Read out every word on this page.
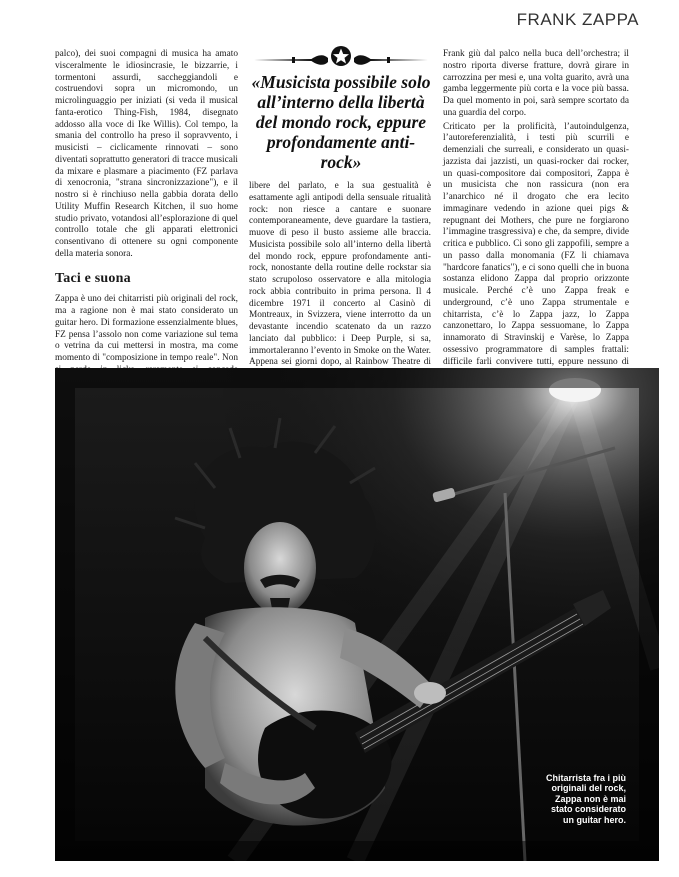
FRANK ZAPPA

palco), dei suoi compagni di musica ha amato visceralmente le idiosincrasie, le bizzarrie, i tormentoni assurdi, saccheggiandoli e costruendovi sopra un micromondo, un microlinguaggio per iniziati (si veda il musical fanta-erotico Thing-Fish, 1984, disegnato addosso alla voce di Ike Willis). Col tempo, la smania del controllo ha preso il sopravvento, i musicisti – ciclicamente rinnovati – sono diventati soprattutto generatori di tracce musicali da mixare e plasmare a piacimento (FZ parlava di xenocronia, "strana sincronizzazione"), e il nostro si è rinchiuso nella gabbia dorata dello Utility Muffin Research Kitchen, il suo home studio privato, votandosi all’esplorazione di quel controllo totale che gli apparati elettronici consentivano di ottenere su ogni componente della materia sonora.

Taci e suona

Zappa è uno dei chitarristi più originali del rock, ma a ragione non è mai stato considerato un guitar hero. Di formazione essenzialmente blues, FZ pensa l’assolo non come variazione sul tema o vetrina da cui mettersi in mostra, ma come momento di "composizione in tempo reale". Non

«Musicista possibile solo all’interno della libertà del mondo rock, eppure profondamente anti-rock»

libere del parlato, e la sua gestualità è esattamente agli antipodi della sensuale ritualità rock: non riesce a cantare e suonare contemporaneamente, deve guardare la tastiera, muove di peso il busto assieme alle braccia. Musicista possibile solo all’interno della libertà del mondo rock, eppure profondamente anti-rock, nonostante della routine delle rockstar sia stato scrupoloso osservatore e alla mitologia rock abbia contribuito in prima persona. Il 4 dicembre 1971 il concerto al Casinò di Montreaux, in Svizzera, viene interrotto da un devastante incendio scatenato da un razzo lanciato dal pubblico: i Deep Purple, si sa, immortaleranno l’evento in Smoke on the Water. Appena sei giorni dopo, al Rainbow Theatre di

Frank giù dal palco nella buca dell’orchestra; il nostro riporta diverse fratture, dovrà girare in carrozzina per mesi e, una volta guarito, avrà una gamba leggermente più corta e la voce più bassa. Da quel momento in poi, sarà sempre scortato da una guardia del corpo.

Criticato per la prolificità, l’autoindulgenza, l’autoreferenzialità, i testi più scurrili e demenziali che surreali, e considerato un quasi-jazzista dai jazzisti, un quasi-rocker dai rocker, un quasi-compositore dai compositori, Zappa è un musicista che non rassicura (non era l’anarchico né il drogato che era lecito immaginare vedendo in azione quei pigs & repugnant dei Mothers, che pure ne forgiarono l’immagine trasgressiva) e che, da sempre, divide critica e pubblico. Ci sono gli zappofili, sempre a un passo dalla monomania (FZ li chiamava "hardcore fanatics"), e ci sono quelli che in buona sostanza elidono Zappa dal proprio orizzonte musicale. Perché c’è uno Zappa freak e underground, c’è uno Zappa strumentale e chitarrista, c’è lo Zappa jazz, lo Zappa canzonettaro, lo Zappa sessuomane, lo Zappa innamorato di Stravinskij e Varèse, lo Zappa ossessivo programmatore di samples frattali: difficile farli convivere tutti, eppure nessuno di

Chitarrista fra i più originali del rock, Zappa non è mai stato considerato un guitar hero.
